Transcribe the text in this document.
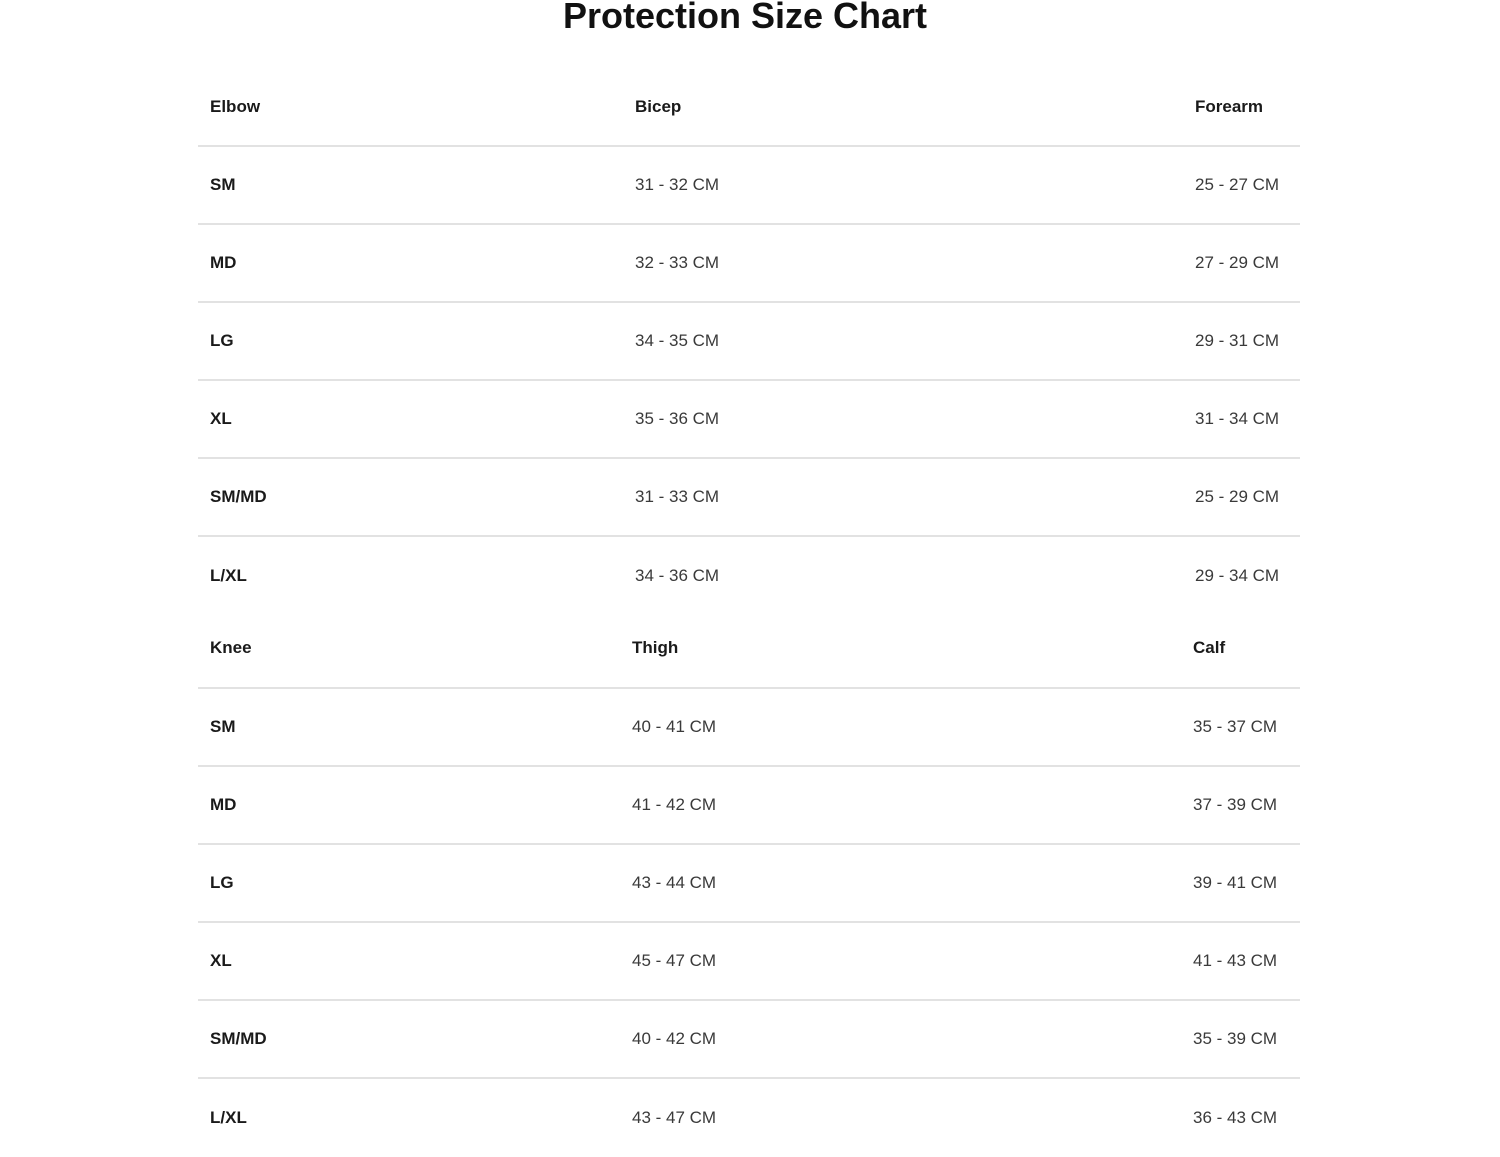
Protection Size Chart
Elbow	Bicep	Forearm
SM	31 - 32 CM	25 - 27 CM
MD	32 - 33 CM	27 - 29 CM
LG	34 - 35 CM	29 - 31 CM
XL	35 - 36 CM	31 - 34 CM
SM/MD	31 - 33 CM	25 - 29 CM
L/XL	34 - 36 CM	29 - 34 CM
Knee	Thigh	Calf
SM	40 - 41 CM	35 - 37 CM
MD	41 - 42 CM	37 - 39 CM
LG	43 - 44 CM	39 - 41 CM
XL	45 - 47 CM	41 - 43 CM
SM/MD	40 - 42 CM	35 - 39 CM
L/XL	43 - 47 CM	36 - 43 CM
